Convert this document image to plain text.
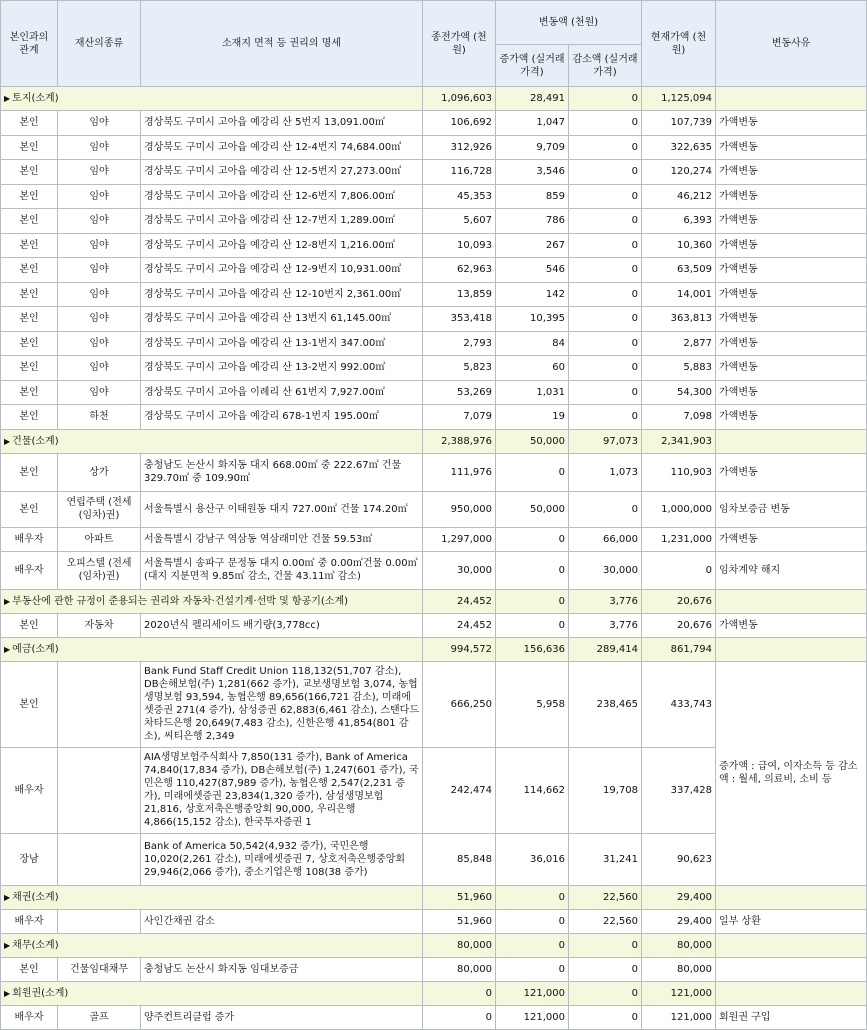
본인과의 관계	재산의종류	소재지 면적 등 권리의 명세	종전가액 (천원)	변동액 (천원)		현재가액 (천원)	변동사유
				증가액 (실거래가격)	감소액 (실거래가격)		
▶ 토지(소계)			1,096,603	28,491	0	1,125,094	
본인	임야	경상북도 구미시 고아읍 예강리 산 5번지 13,091.00㎡	106,692	1,047	0	107,739	가액변동
본인	임야	경상북도 구미시 고아읍 예강리 산 12-4번지 74,684.00㎡	312,926	9,709	0	322,635	가액변동
본인	임야	경상북도 구미시 고아읍 예강리 산 12-5번지 27,273.00㎡	116,728	3,546	0	120,274	가액변동
본인	임야	경상북도 구미시 고아읍 예강리 산 12-6번지 7,806.00㎡	45,353	859	0	46,212	가액변동
본인	임야	경상북도 구미시 고아읍 예강리 산 12-7번지 1,289.00㎡	5,607	786	0	6,393	가액변동
본인	임야	경상북도 구미시 고아읍 예강리 산 12-8번지 1,216.00㎡	10,093	267	0	10,360	가액변동
본인	임야	경상북도 구미시 고아읍 예강리 산 12-9번지 10,931.00㎡	62,963	546	0	63,509	가액변동
본인	임야	경상북도 구미시 고아읍 예강리 산 12-10번지 2,361.00㎡	13,859	142	0	14,001	가액변동
본인	임야	경상북도 구미시 고아읍 예강리 산 13번지 61,145.00㎡	353,418	10,395	0	363,813	가액변동
본인	임야	경상북도 구미시 고아읍 예강리 산 13-1번지 347.00㎡	2,793	84	0	2,877	가액변동
본인	임야	경상북도 구미시 고아읍 예강리 산 13-2번지 992.00㎡	5,823	60	0	5,883	가액변동
본인	임야	경상북도 구미시 고아읍 이례리 산 61번지 7,927.00㎡	53,269	1,031	0	54,300	가액변동
본인	하천	경상북도 구미시 고아읍 예강리 678-1번지 195.00㎡	7,079	19	0	7,098	가액변동
▶ 건물(소계)			2,388,976	50,000	97,073	2,341,903	
본인	상가	충청남도 논산시 화지동 대지 668.00㎡ 중 222.67㎡ 건물 329.70㎡ 중 109.90㎡	111,976	0	1,073	110,903	가액변동
본인	연립주택 (전세(임차)권)	서울특별시 용산구 이태원동 대지 727.00㎡ 건물 174.20㎡	950,000	50,000	0	1,000,000	임차보증금 변동
배우자	아파트	서울특별시 강남구 역삼동 역삼래미안 건물 59.53㎡	1,297,000	0	66,000	1,231,000	가액변동
배우자	오피스텔 (전세(임차)권)	서울특별시 송파구 문정동 대지 0.00㎡ 중 0.00㎡건물 0.00㎡ (대지 지분면적 9.85㎡ 감소, 건물 43.11㎡ 감소)	30,000	0	30,000	0	임차계약 해지
▶ 부동산에 관한 규정이 준용되는 권리와 자동차·건설기계·선박 및 항공기(소계)			24,452	0	3,776	20,676	
본인	자동차	2020년식 펠리세이드 배기량(3,778cc)	24,452	0	3,776	20,676	가액변동
▶ 예금(소계)			994,572	156,636	289,414	861,794	
본인		Bank Fund Staff Credit Union 118,132(51,707 감소), DB손해보험(주) 1,281(662 증가), 교보생명보험 3,074, 농협생명보험 93,594, 농협은행 89,656(166,721 감소), 미래에셋증권 271(4 증가), 삼성증권 62,883(6,461 감소), 스탠다드차타드은행 20,649(7,483 감소), 신한은행 41,854(801 감소), 씨티은행 2,349	666,250	5,958	238,465	433,743	증가액 : 급여, 이자소득 등 감소액 : 월세, 의료비, 소비 등
배우자		AIA생명보험주식회사 7,850(131 증가), Bank of America 74,840(17,834 증가), DB손해보험(주) 1,247(601 증가), 국민은행 110,427(87,989 증가), 농협은행 2,547(2,231 증가), 미래에셋증권 23,834(1,320 증가), 삼성생명보험 21,816, 상호저축은행중앙회 90,000, 우리은행 4,866(15,152 감소), 한국투자증권 1	242,474	114,662	19,708	337,428	
장남		Bank of America 50,542(4,932 증가), 국민은행 10,020(2,261 감소), 미래에셋증권 7, 상호저축은행중앙회 29,946(2,066 증가), 중소기업은행 108(38 증가)	85,848	36,016	31,241	90,623	
▶ 채권(소계)			51,960	0	22,560	29,400	
배우자		사인간채권 감소	51,960	0	22,560	29,400	일부 상환
▶ 채무(소계)			80,000	0	0	80,000	
본인	건물임대채무	충청남도 논산시 화지동 임대보증금	80,000	0	0	80,000	
▶ 회원권(소계)			0	121,000	0	121,000	
배우자	골프	양주컨트리클럽 증가	0	121,000	0	121,000	회원권 구입
